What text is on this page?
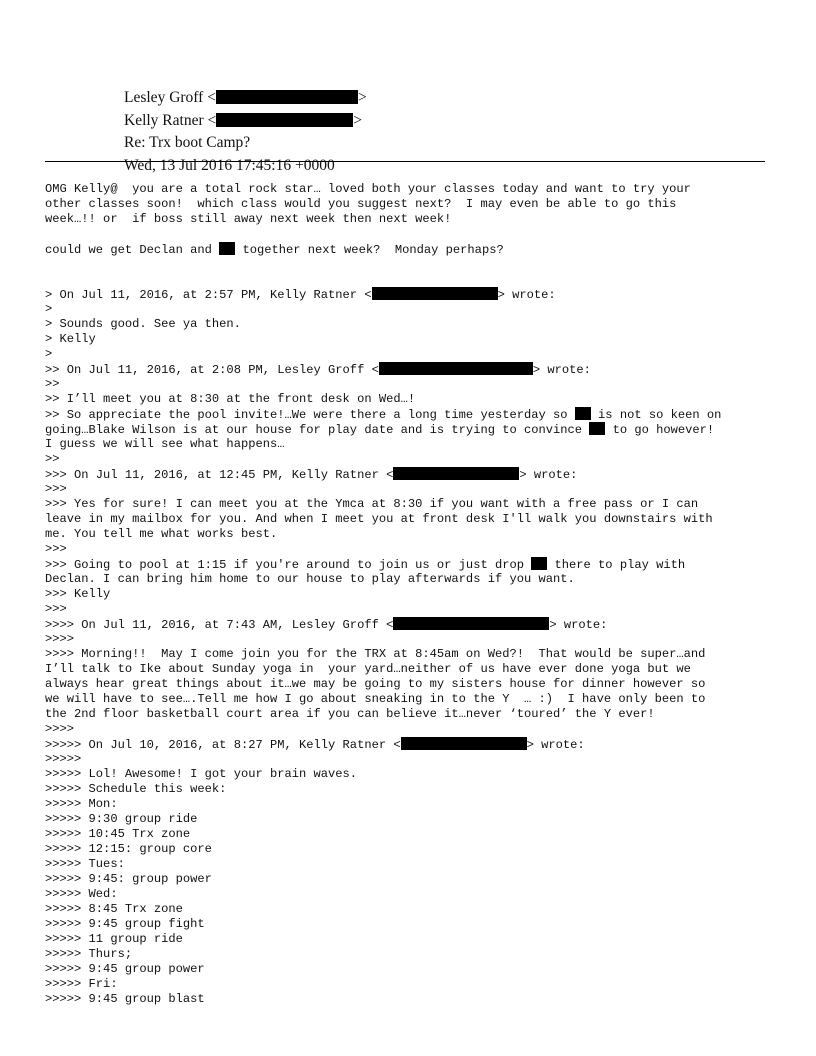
Lesley Groff <	>

Kelly Ratner <	>

Re: Trx boot Camp?

Wed, 13 Jul 2016 17:45:16 +0000

OMG Kelly@  you are a total rock star… loved both your classes today and want to try your
other classes soon!  which class would you suggest next?  I may even be able to go this
week…!! or  if boss still away next week then next week!
could we get Declan and  together next week?  Monday perhaps?
> On Jul 11, 2016, at 2:57 PM, Kelly Ratner <	> wrote:
>
> Sounds good. See ya then.
> Kelly
>
>> On Jul 11, 2016, at 2:08 PM, Lesley Groff <	> wrote:
>>
>> I’ll meet you at 8:30 at the front desk on Wed…!
>> So appreciate the pool invite!…We were there a long time yesterday so  is not so keen on
going…Blake Wilson is at our house for play date and is trying to convince  to go however!
I guess we will see what happens…
>>
>>> On Jul 11, 2016, at 12:45 PM, Kelly Ratner <	> wrote:
>>>
>>> Yes for sure! I can meet you at the Ymca at 8:30 if you want with a free pass or I can
leave in my mailbox for you. And when I meet you at front desk I'll walk you downstairs with
me. You tell me what works best.
>>>
>>> Going to pool at 1:15 if you're around to join us or just drop  there to play with
Declan. I can bring him home to our house to play afterwards if you want.
>>> Kelly
>>>
>>>> On Jul 11, 2016, at 7:43 AM, Lesley Groff <	> wrote:
>>>>
>>>> Morning!!  May I come join you for the TRX at 8:45am on Wed?!  That would be super…and
I’ll talk to Ike about Sunday yoga in  your yard…neither of us have ever done yoga but we
always hear great things about it…we may be going to my sisters house for dinner however so
we will have to see….Tell me how I go about sneaking in to the Y  … :)  I have only been to
the 2nd floor basketball court area if you can believe it…never ‘toured’ the Y ever!
>>>>
>>>>> On Jul 10, 2016, at 8:27 PM, Kelly Ratner <	> wrote:
>>>>>
>>>>> Lol! Awesome! I got your brain waves.
>>>>> Schedule this week:
>>>>> Mon:
>>>>> 9:30 group ride
>>>>> 10:45 Trx zone
>>>>> 12:15: group core
>>>>> Tues:
>>>>> 9:45: group power
>>>>> Wed:
>>>>> 8:45 Trx zone
>>>>> 9:45 group fight
>>>>> 11 group ride
>>>>> Thurs;
>>>>> 9:45 group power
>>>>> Fri:
>>>>> 9:45 group blast
